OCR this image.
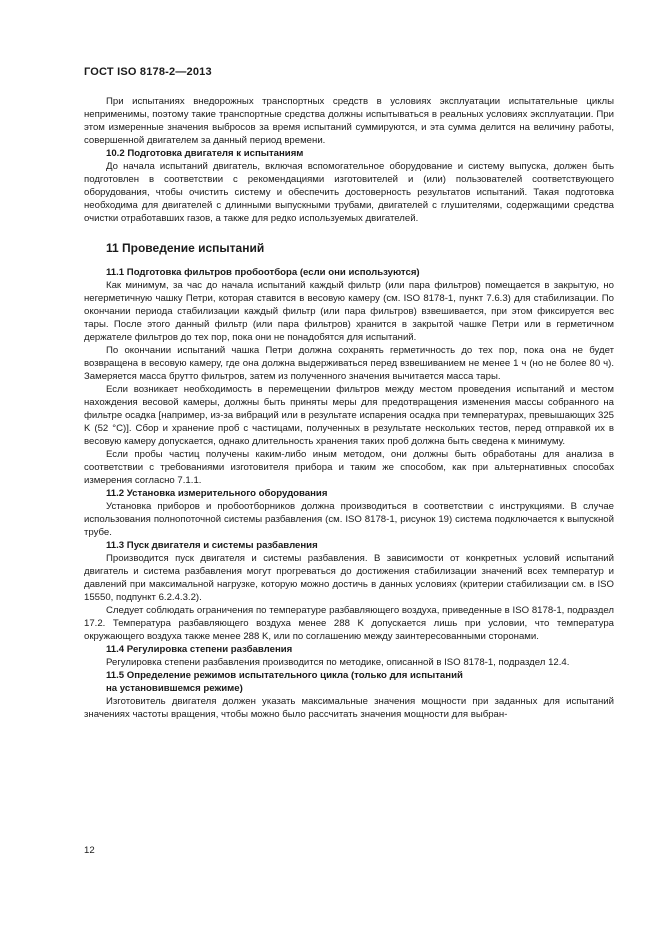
ГОСТ ISO 8178-2—2013

При испытаниях внедорожных транспортных средств в условиях эксплуатации испытательные циклы неприменимы, поэтому такие транспортные средства должны испытываться в реальных условиях эксплуатации. При этом измеренные значения выбросов за время испытаний суммируются, и эта сумма делится на величину работы, совершенной двигателем за данный период времени.

10.2 Подготовка двигателя к испытаниям

До начала испытаний двигатель, включая вспомогательное оборудование и систему выпуска, должен быть подготовлен в соответствии с рекомендациями изготовителей и (или) пользователей соответствующего оборудования, чтобы очистить систему и обеспечить достоверность результатов испытаний. Такая подготовка необходима для двигателей с длинными выпускными трубами, двигателей с глушителями, содержащими средства очистки отработавших газов, а также для редко используемых двигателей.

11 Проведение испытаний
11.1 Подготовка фильтров пробоотбора (если они используются)

Как минимум, за час до начала испытаний каждый фильтр (или пара фильтров) помещается в закрытую, но негерметичную чашку Петри, которая ставится в весовую камеру (см. ISO 8178-1, пункт 7.6.3) для стабилизации. По окончании периода стабилизации каждый фильтр (или пара фильтров) взвешивается, при этом фиксируется вес тары. После этого данный фильтр (или пара фильтров) хранится в закрытой чашке Петри или в герметичном держателе фильтров до тех пор, пока они не понадобятся для испытаний.

По окончании испытаний чашка Петри должна сохранять герметичность до тех пор, пока она не будет возвращена в весовую камеру, где она должна выдерживаться перед взвешиванием не менее 1 ч (но не более 80 ч). Замеряется масса брутто фильтров, затем из полученного значения вычитается масса тары.

Если возникает необходимость в перемещении фильтров между местом проведения испытаний и местом нахождения весовой камеры, должны быть приняты меры для предотвращения изменения массы собранного на фильтре осадка [например, из-за вибраций или в результате испарения осадка при температурах, превышающих 325 K (52 °C)]. Сбор и хранение проб с частицами, полученных в результате нескольких тестов, перед отправкой их в весовую камеру допускается, однако длительность хранения таких проб должна быть сведена к минимуму.

Если пробы частиц получены каким-либо иным методом, они должны быть обработаны для анализа в соответствии с требованиями изготовителя прибора и таким же способом, как при альтернативных способах измерения согласно 7.1.1.

11.2 Установка измерительного оборудования

Установка приборов и пробоотборников должна производиться в соответствии с инструкциями. В случае использования полнопоточной системы разбавления (см. ISO 8178-1, рисунок 19) система подключается к выпускной трубе.

11.3 Пуск двигателя и системы разбавления

Производится пуск двигателя и системы разбавления. В зависимости от конкретных условий испытаний двигатель и система разбавления могут прогреваться до достижения стабилизации значений всех температур и давлений при максимальной нагрузке, которую можно достичь в данных условиях (критерии стабилизации см. в ISO 15550, подпункт 6.2.4.3.2).

Следует соблюдать ограничения по температуре разбавляющего воздуха, приведенные в ISO 8178-1, подраздел 17.2. Температура разбавляющего воздуха менее 288 K допускается лишь при условии, что температура окружающего воздуха также менее 288 K, или по соглашению между заинтересованными сторонами.

11.4 Регулировка степени разбавления

Регулировка степени разбавления производится по методике, описанной в ISO 8178-1, подраздел 12.4.

11.5 Определение режимов испытательного цикла (только для испытаний
на установившемся режиме)

Изготовитель двигателя должен указать максимальные значения мощности при заданных для испытаний значениях частоты вращения, чтобы можно было рассчитать значения мощности для выбран-

12
